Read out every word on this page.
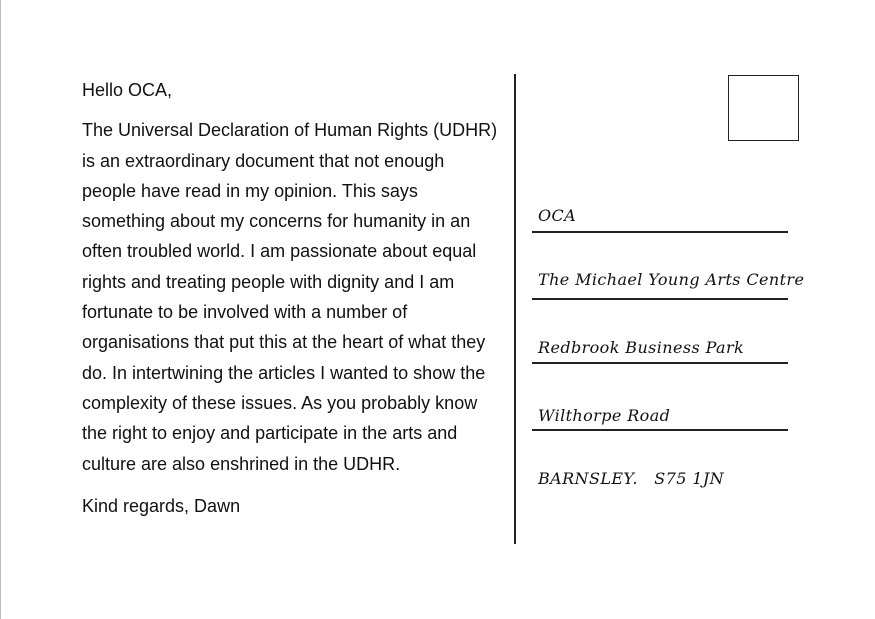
Hello OCA,

The Universal Declaration of Human Rights (UDHR) is an extraordinary document that not enough people have read in my opinion. This says something about my concerns for humanity in an often troubled world. I am passionate about equal rights and treating people with dignity and I am fortunate to be involved with a number of organisations that put this at the heart of what they do. In intertwining the articles I wanted to show the complexity of these issues. As you probably know the right to enjoy and participate in the arts and culture are also enshrined in the UDHR.

Kind regards, Dawn

OCA
The Michael Young Arts Centre
Redbrook Business Park
Wilthorpe Road
BARNSLEY.   S75 1JN
